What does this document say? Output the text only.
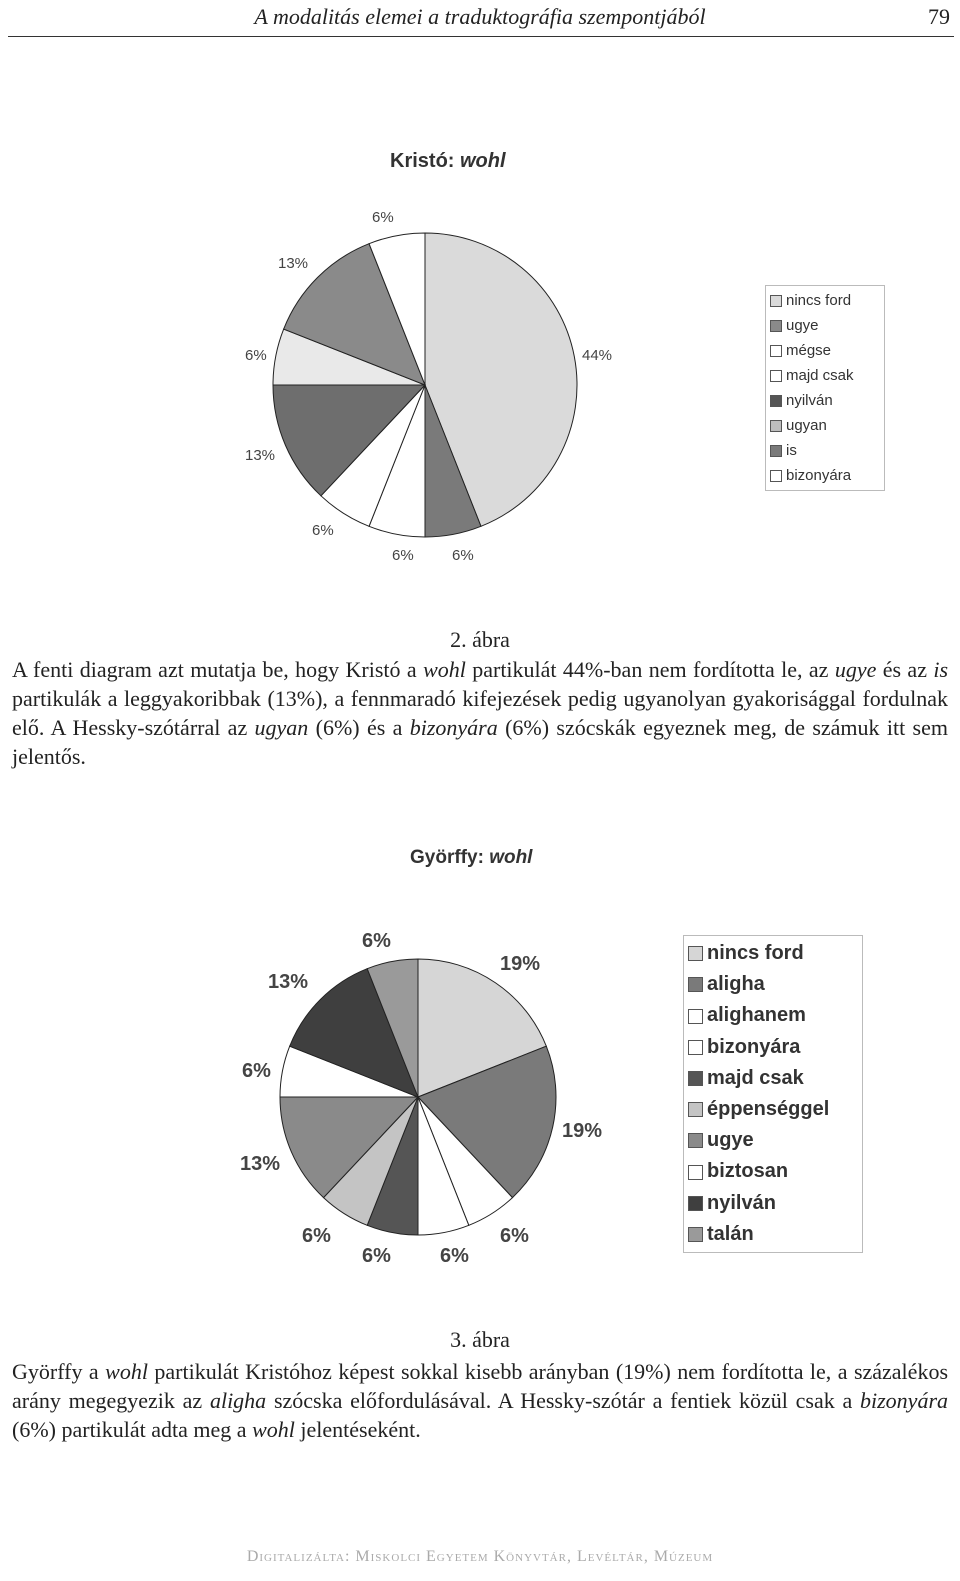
A modalitás elemei a traduktográfia szempontjából	79
Kristó: wohl
44%
6%
6%
6%
13%
6%
13%
6%
nincs ford
ugye
mégse
majd csak
nyilván
ugyan
is
bizonyára
2. ábra
A fenti diagram azt mutatja be, hogy Kristó a wohl partikulát 44%-ban nem fordította le, az ugye és az is partikulák a leggyakoribbak (13%), a fennmaradó kifejezések pedig ugyanolyan gyakorisággal fordulnak elő. A Hessky-szótárral az ugyan (6%) és a bizonyára (6%) szócskák egyeznek meg, de számuk itt sem jelentős.
Györffy: wohl
19%
19%
6%
6%
6%
6%
13%
6%
13%
6%
nincs ford
aligha
alighanem
bizonyára
majd csak
éppenséggel
ugye
biztosan
nyilván
talán
3. ábra
Györffy a wohl partikulát Kristóhoz képest sokkal kisebb arányban (19%) nem fordította le, a százalékos arány megegyezik az aligha szócska előfordulásával. A Hessky-szótár a fentiek közül csak a bizonyára (6%) partikulát adta meg a wohl jelentéseként.
Digitalizálta: Miskolci Egyetem Könyvtár, Levéltár, Múzeum
